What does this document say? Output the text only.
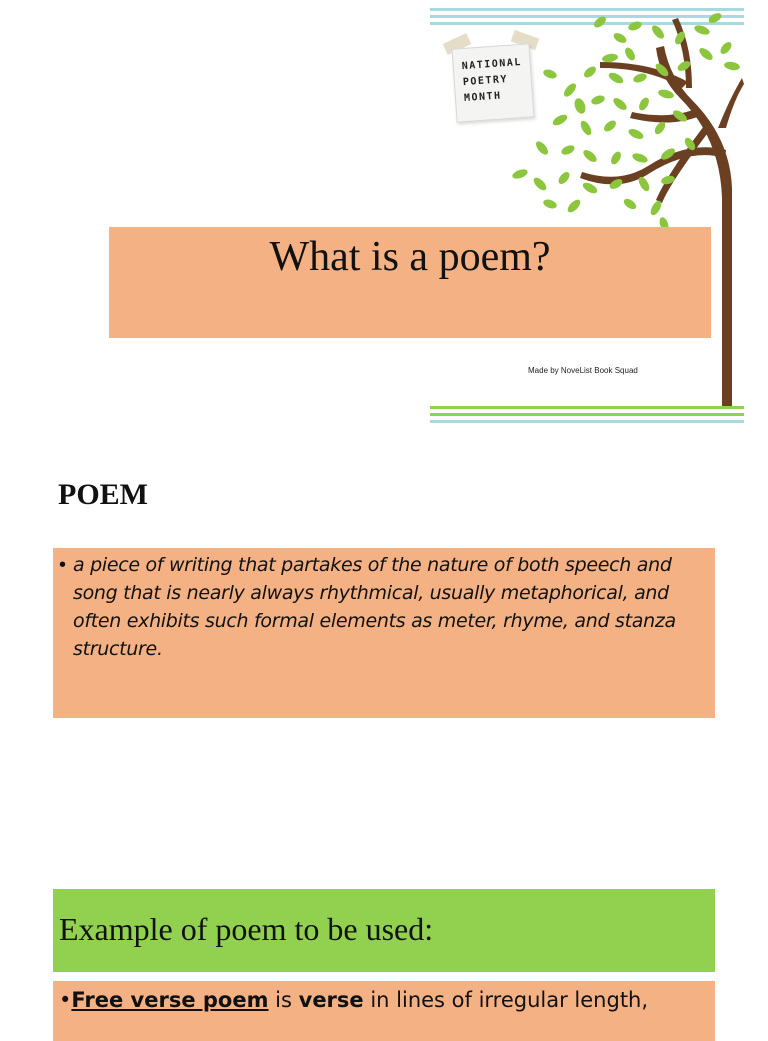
NATIONAL
POETRY
MONTH
Made by NoveList Book Squad
What is a poem?
POEM
• a piece of writing that partakes of the nature of both speech and song that is nearly always rhythmical, usually metaphorical, and often exhibits such formal elements as meter, rhyme, and stanza structure.
Example of poem to be used:
•Free verse poem is verse in lines of irregular length,
